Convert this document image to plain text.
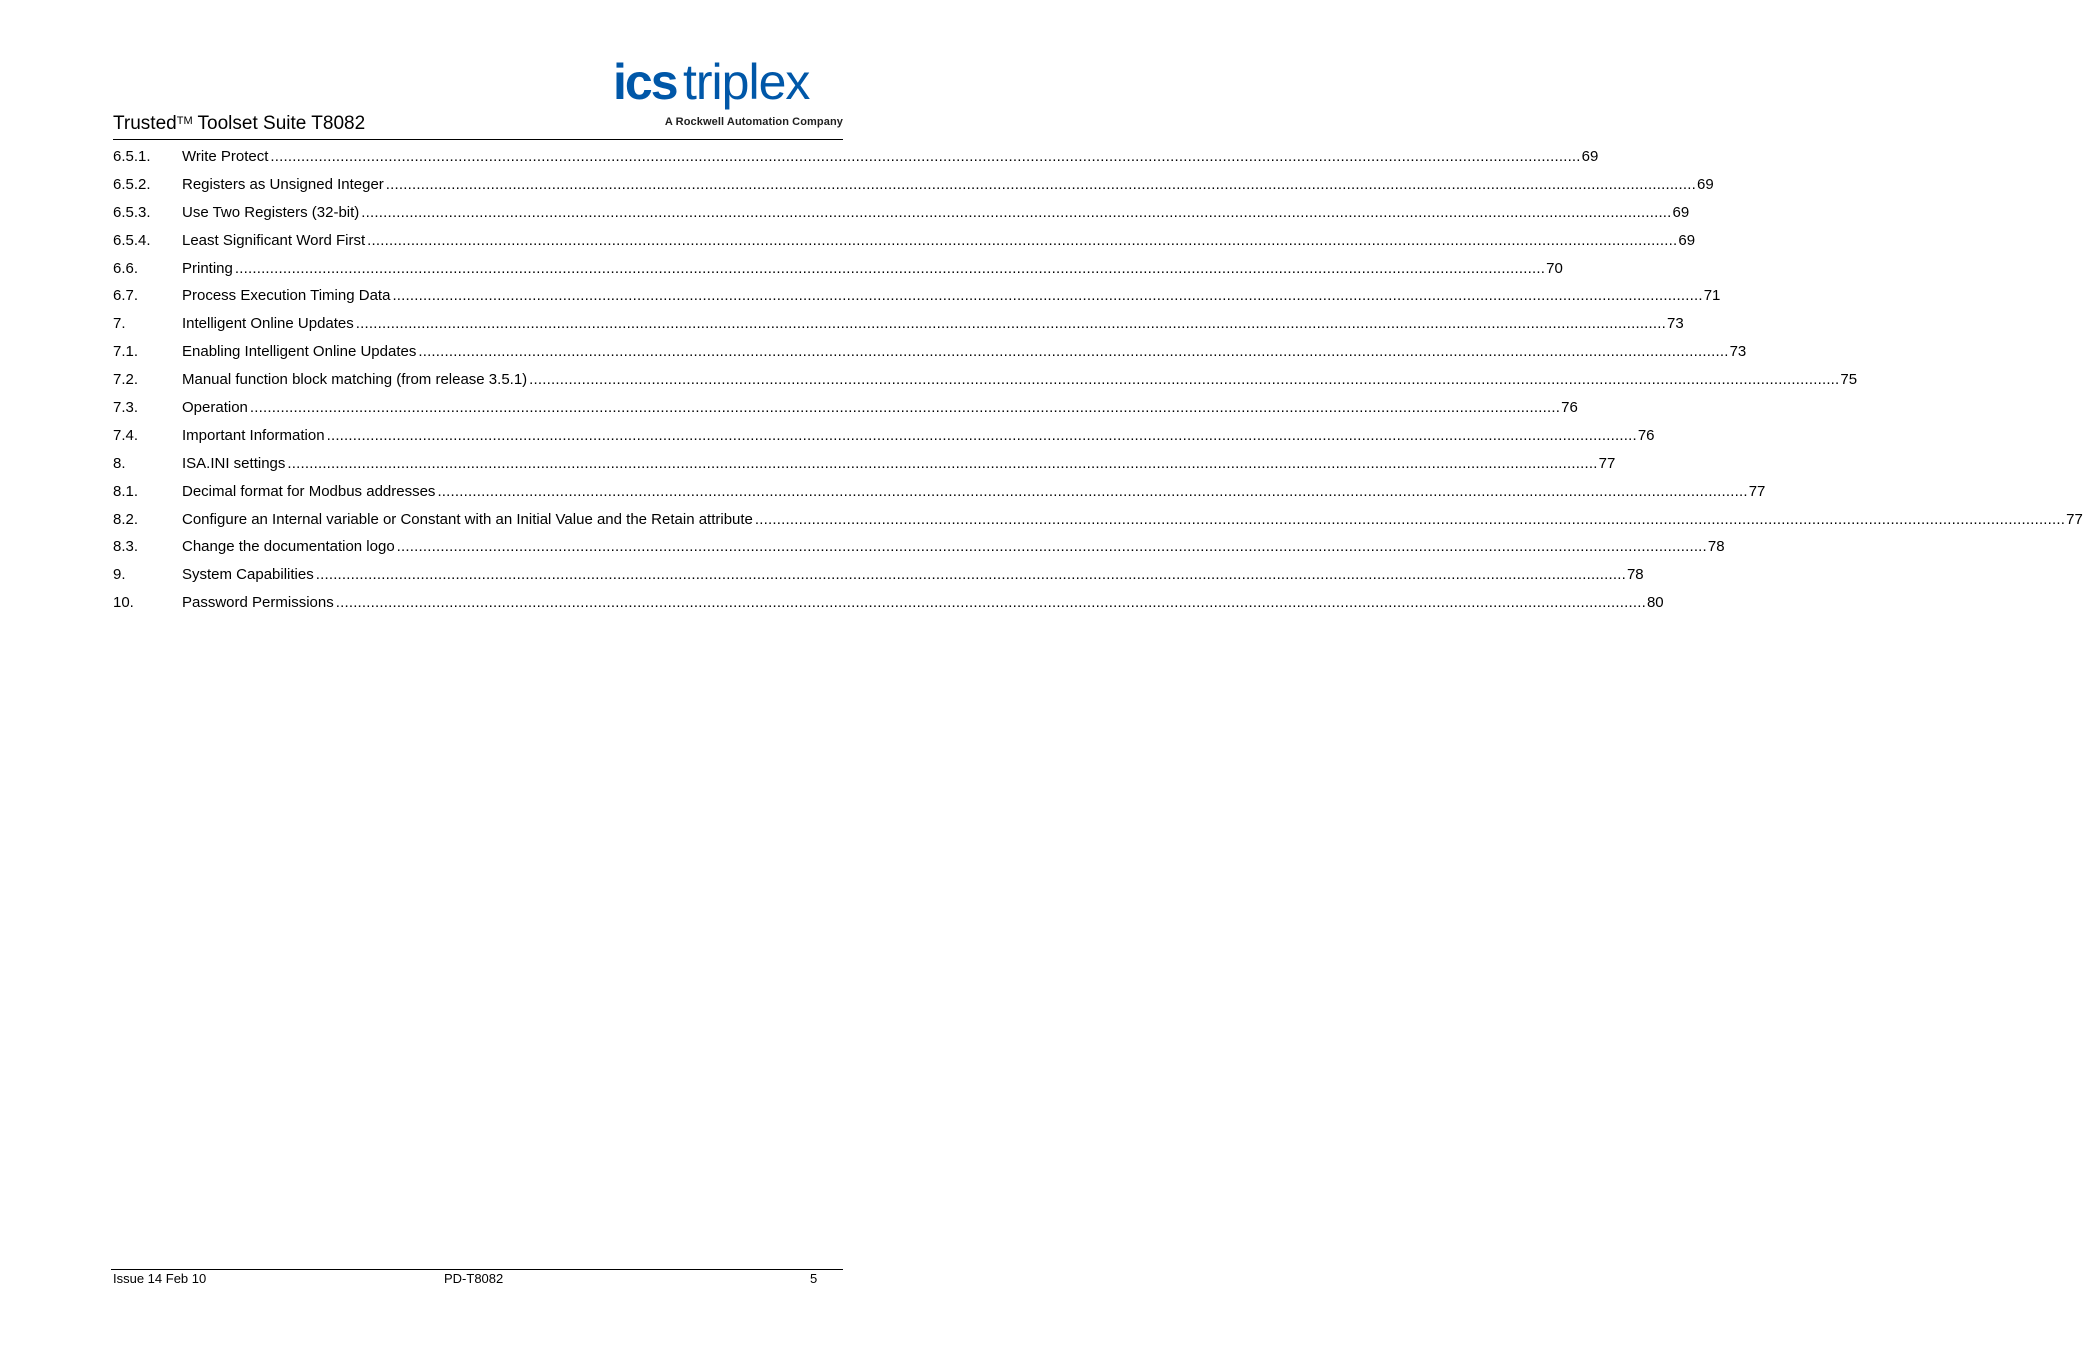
Trusted™ Toolset Suite T8082
ics triplex
A Rockwell Automation Company
6.5.1.	Write Protect ............................................................................................................................................................................................................................................................................................................ 69
6.5.2.	Registers as Unsigned Integer ............................................................................................................................................................................................................................................................................................................ 69
6.5.3.	Use Two Registers (32-bit) ............................................................................................................................................................................................................................................................................................................ 69
6.5.4.	Least Significant Word First ............................................................................................................................................................................................................................................................................................................ 69
6.6.	Printing ............................................................................................................................................................................................................................................................................................................ 70
6.7.	Process Execution Timing Data ............................................................................................................................................................................................................................................................................................................ 71
7.	Intelligent Online Updates ............................................................................................................................................................................................................................................................................................................ 73
7.1.	Enabling Intelligent Online Updates ............................................................................................................................................................................................................................................................................................................ 73
7.2.	Manual function block matching (from release 3.5.1) ............................................................................................................................................................................................................................................................................................................ 75
7.3.	Operation ............................................................................................................................................................................................................................................................................................................ 76
7.4.	Important Information ............................................................................................................................................................................................................................................................................................................ 76
8.	ISA.INI settings ............................................................................................................................................................................................................................................................................................................ 77
8.1.	Decimal format for Modbus addresses ............................................................................................................................................................................................................................................................................................................ 77
8.2.	Configure an Internal variable or Constant with an Initial Value and the Retain attribute ............................................................................................................................................................................................................................................................................................................ 77
8.3.	Change the documentation logo ............................................................................................................................................................................................................................................................................................................ 78
9.	System Capabilities ............................................................................................................................................................................................................................................................................................................ 78
10.	Password Permissions ............................................................................................................................................................................................................................................................................................................ 80
Issue 14 Feb 10	PD-T8082	5
